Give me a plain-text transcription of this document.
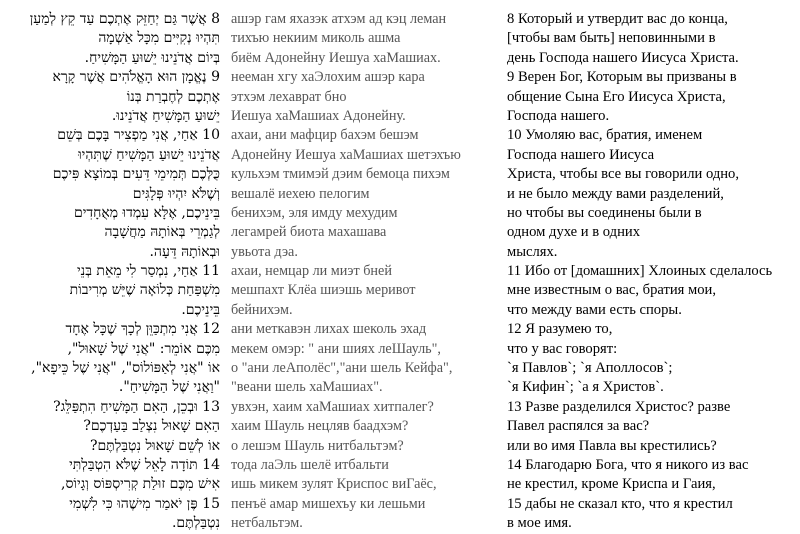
8 אֲשֶׁר גַּם יְחַזֵּק אֶתְכֶם עַד קֵץ לְמַעַן
תִּהְיוּ נְקִיִּים מִכָּל אַשְׁמָה
בְּיוֹם אֲדֹנֵינוּ יֵשׁוּעַ הַמָּשִׁיחַ.
9 נֶאֱמָן הוּא הָאֱלֹהִים אֲשֶׁר קָרָא
אֶתְכֶם לְחֶבְרַת בְּנוֹ
יֵשׁוּעַ הַמָּשִׁיחַ אֲדֹנֵינוּ.
10 אַחַי, אֲנִי מַפְצִיר בָּכֶם בְּשֵׁם
אֲדֹנֵינוּ יֵשׁוּעַ הַמָּשִׁיחַ שֶׁתִּהְיוּ
כֻּלְּכֶם תְּמִימֵי דֵּעִים בְּמוֹצָא פִּיכֶם
וְשֶׁלֹּא יִהְיוּ פְּלָגִּים
בֵּינֵיכֶם, אֶלָּא עִמְדוּ מְאֻחָדִים
לְגַמְרֵי בְּאוֹתָהּ מַחֲשָׁבָה
וּבְאוֹתָהּ דֵּעָה.
11 אַחַי, נִמְסַר לִי מֵאֵת בְּנֵי
מִשְׁפַּחַת כְּלוֹאָה שֶׁיֵּשׁ מְרִיבוֹת
בֵּינֵיכֶם.
12 אֲנִי מִתְכַּוֵּן לְכָךְ שֶׁכָּל אֶחָד
מִכֶּם אוֹמֵר: "אֲנִי שֶׁל שָׁאוּל",
אוֹ "אֲנִי לְאַפּוֹלוֹס", "אֲנִי שֶׁל כֵּיפָא",
"וַאֲנִי שֶׁל הַמָּשִׁיחַ".
13 וּבְכֵן, הַאִם הַמָּשִׁיחַ הִתְפַּלֵּג?
הַאִם שָׁאוּל נִצְלַב בַּעַדְכֶם?
אוֹ לְשֵׁם שָׁאוּל נִטְבַּלְתֶּם?
14 תּוֹדָה לָאֵל שֶׁלֹּא הִטְבַּלְתִּי
אִישׁ מִכֶּם זוּלַת קְרִיסְפּוֹס וְגָיוֹס,
15 פֶּן יֹאמַר מִישֶׁהוּ כִּי לִשְׁמִי
נִטְבַּלְתֶּם.
ашэр гам яхазэк атхэм ад кэц леман
тихъю некиим миколь ашма
биём Адонейну Иешуа хаМашиах.
нееман хгу хаЭлохим ашэр кара
этхэм лехаврат бно
Иешуа хаМашиах Адонейну.
ахаи, ани мафцир бахэм бешэм
Адонейну Иешуа хаМашиах шетэхъю
кульхэм тмимэй дэим бемоца пихэм
вешалё иехею пелогим
бенихэм, эля имду мехудим
легамрей биота махашава
увьота дэа.
ахаи, немцар ли миэт бней
мешпахт Клёа шиэшь меривот
бейнихэм.
ани меткавэн лихах шеколь эхад
мекем омэр: " ани шиях леШауль",
о "ани леАполёс","ани шель Кейфа",
"веани шель хаМашиах".
увхэн, хаим хаМашиах хитпалег?
хаим Шауль нецляв баадхэм?
о лешэм Шауль нитбальтэм?
тода лаЭль шелё итбальти
ишь микем зулят Криспос виГаёс,
пенъё амар мишехъу ки лешьми
нетбальтэм.
8 Который и утвердит вас до конца,
[чтобы вам быть] неповинными в
день Господа нашего Иисуса Христа.
9 Верен Бог, Которым вы призваны в
общение Сына Его Иисуса Христа,
Господа нашего.
10 Умоляю вас, братия, именем
Господа нашего Иисуса
Христа, чтобы все вы говорили одно,
и не было между вами разделений,
но чтобы вы соединены были в
одном духе и в одних
мыслях.
11 Ибо от [домашних] Хлоиных сделалось
мне известным о вас, братия мои,
что между вами есть споры.
12 Я разумею то,
что у вас говорят:
`я Павлов`; `я Аполлосов`;
`я Кифин`; `а я Христов`.
13 Разве разделился Христос? разве
Павел распялся за вас?
или во имя Павла вы крестились?
14 Благодарю Бога, что я никого из вас
не крестил, кроме Криспа и Гаия,
15 дабы не сказал кто, что я крестил
в мое имя.
